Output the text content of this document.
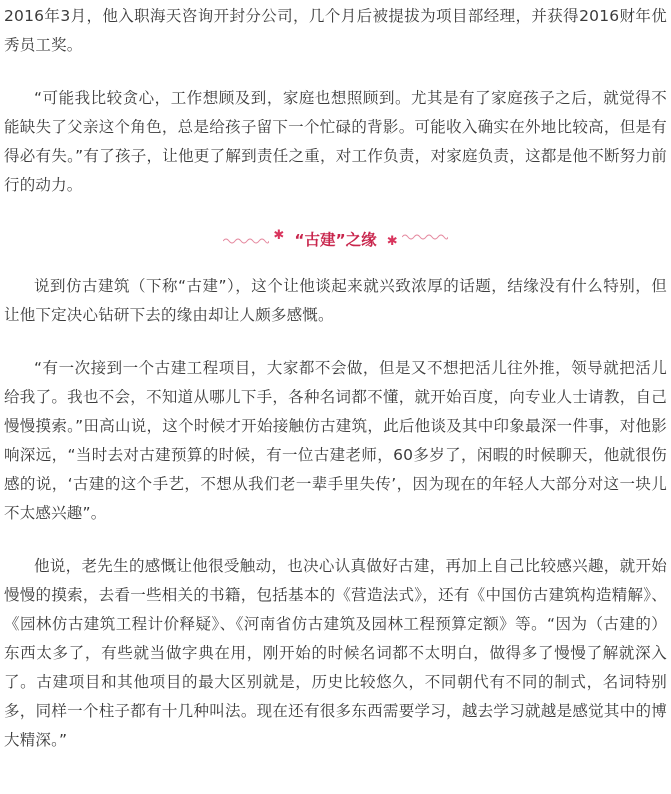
2016年3月，他入职海天咨询开封分公司，几个月后被提拔为项目部经理，并获得2016财年优秀员工奖。

“可能我比较贪心，工作想顾及到，家庭也想照顾到。尤其是有了家庭孩子之后，就觉得不能缺失了父亲这个角色，总是给孩子留下一个忙碌的背影。可能收入确实在外地比较高，但是有得必有失。”有了孩子，让他更了解到责任之重，对工作负责，对家庭负责，这都是他不断努力前行的动力。

✱ “古建”之缘 ✱

说到仿古建筑（下称“古建”），这个让他谈起来就兴致浓厚的话题，结缘没有什么特别，但让他下定决心钻研下去的缘由却让人颇多感慨。

“有一次接到一个古建工程项目，大家都不会做，但是又不想把活儿往外推，领导就把活儿给我了。我也不会，不知道从哪儿下手，各种名词都不懂，就开始百度，向专业人士请教，自己慢慢摸索。”田高山说，这个时候才开始接触仿古建筑，此后他谈及其中印象最深一件事，对他影响深远，“当时去对古建预算的时候，有一位古建老师，60多岁了，闲暇的时候聊天，他就很伤感的说，‘古建的这个手艺，不想从我们老一辈手里失传’，因为现在的年轻人大部分对这一块儿不太感兴趣”。

他说，老先生的感慨让他很受触动，也决心认真做好古建，再加上自己比较感兴趣，就开始慢慢的摸索，去看一些相关的书籍，包括基本的《营造法式》，还有《中国仿古建筑构造精解》、《园林仿古建筑工程计价释疑》、《河南省仿古建筑及园林工程预算定额》等。“因为（古建的）东西太多了，有些就当做字典在用，刚开始的时候名词都不太明白，做得多了慢慢了解就深入了。古建项目和其他项目的最大区别就是，历史比较悠久，不同朝代有不同的制式，名词特别多，同样一个柱子都有十几种叫法。现在还有很多东西需要学习，越去学习就越是感觉其中的博大精深。”
